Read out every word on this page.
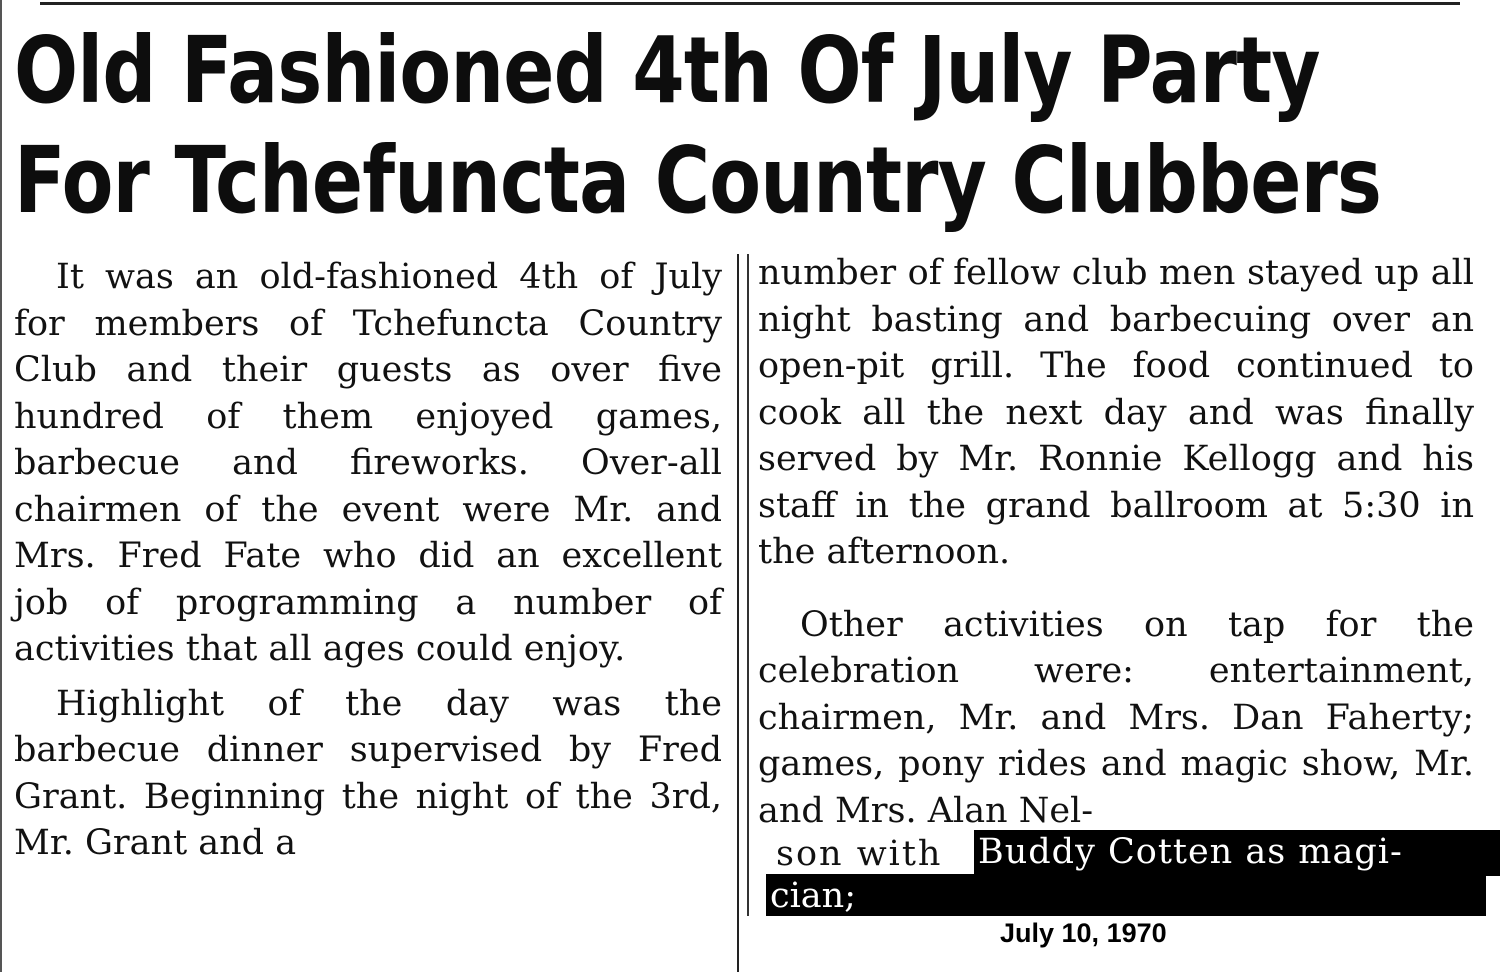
Old Fashioned 4th Of July Party
For Tchefuncta Country Clubbers

It was an old-fashioned 4th of July for members of Tchefuncta Country Club and their guests as over five hundred of them enjoyed games, barbecue and fireworks. Over-all chairmen of the event were Mr. and Mrs. Fred Fate who did an excellent job of programming a number of activities that all ages could enjoy.

Highlight of the day was the barbecue dinner supervised by Fred Grant. Beginning the night of the 3rd, Mr. Grant and a

number of fellow club men stayed up all night basting and barbecuing over an open-pit grill. The food continued to cook all the next day and was finally served by Mr. Ronnie Kellogg and his staff in the grand ballroom at 5:30 in the afternoon.

Other activities on tap for the celebration were: entertainment, chairmen, Mr. and Mrs. Dan Faherty; games, pony rides and magic show, Mr. and Mrs. Alan Nel-

son with Buddy Cotten as magi-
cian;
July 10, 1970
